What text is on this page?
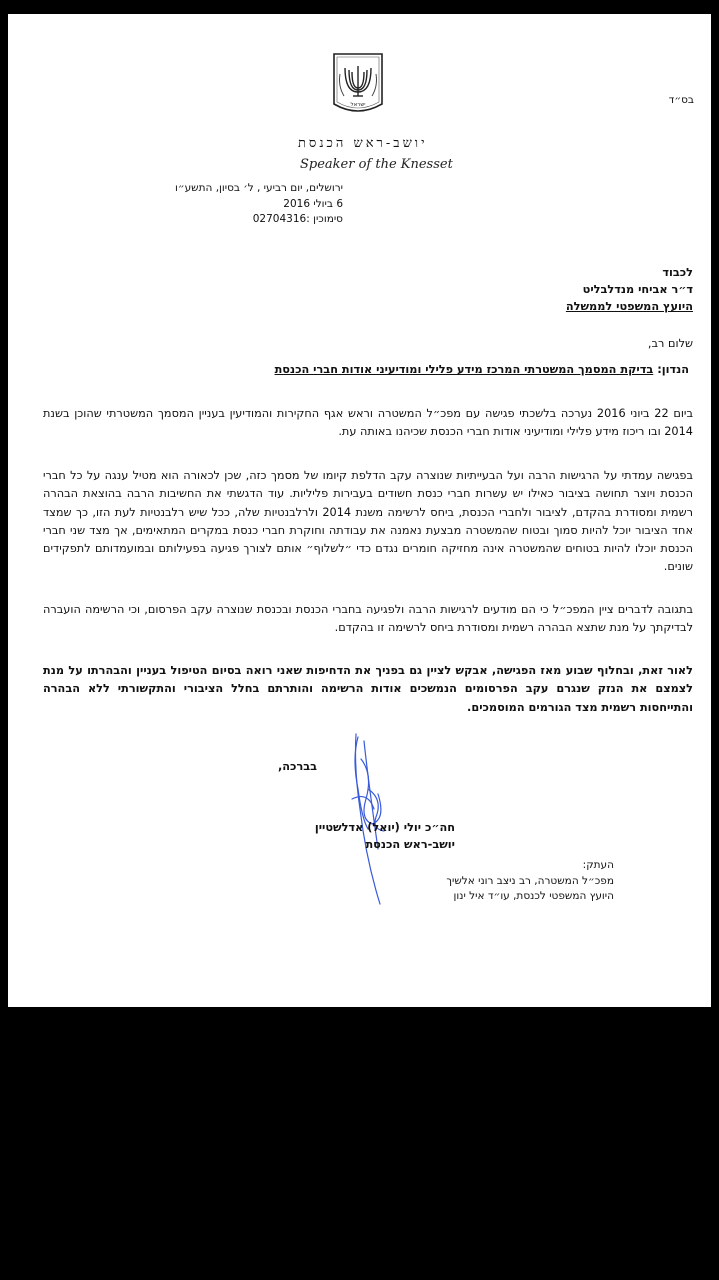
ישראל	בס״ד
יושב-ראש הכנסת
Speaker of the Knesset
ירושלים, יום רביעי , ל׳ בסיון, התשע״ו
6 ביולי 2016
סימוכין :02704316
לכבוד
ד״ר אביחי מנדלבליט
היועץ המשפטי לממשלה
שלום רב,
הנדון: בדיקת המסמך המשטרתי המרכז מידע פלילי ומודיעיני אודות חברי הכנסת

ביום 22 ביוני 2016 נערכה בלשכתי פגישה עם מפכ״ל המשטרה וראש אגף החקירות והמודיעין בעניין המסמך המשטרתי שהוכן בשנת 2014 ובו ריכוז מידע פלילי ומודיעיני אודות חברי הכנסת שכיהנו באותה עת.

בפגישה עמדתי על הרגישות הרבה ועל הבעייתיות שנוצרה עקב הדלפת קיומו של מסמך כזה, שכן לכאורה הוא מטיל ענגה על כל חברי הכנסת ויוצר תחושה בציבור כאילו יש עשרות חברי כנסת חשודים בעבירות פליליות. עוד הדגשתי את החשיבות הרבה בהוצאת הבהרה רשמית ומסודרת בהקדם, לציבור ולחברי הכנסת, ביחס לרשימה משנת 2014 ולרלבנטיות שלה, ככל שיש רלבנטיות לעת הזו, כך שמצד אחד הציבור יוכל להיות סמוך ובטוח שהמשטרה מבצעת נאמנה את עבודתה וחוקרת חברי כנסת במקרים המתאימים, אך מצד שני חברי הכנסת יוכלו להיות בטוחים שהמשטרה אינה מחזיקה חומרים נגדם כדי ״לשלוף״ אותם לצורך פגיעה בפעילותם ובמועמדותם לתפקידים שונים.

בתגובה לדברים ציין המפכ״ל כי הם מודעים לרגישות הרבה ולפגיעה בחברי הכנסת ובכנסת שנוצרה עקב הפרסום, וכי הרשימה הועברה לבדיקתך על מנת שתצא הבהרה רשמית ומסודרת ביחס לרשימה זו בהקדם.

לאור זאת, ובחלוף שבוע מאז הפגישה, אבקש לציין גם בפניך את הדחיפות שאני רואה בסיום הטיפול בעניין והבהרתו על מנת לצמצם את הנזק שנגרם עקב הפרסומים הנמשכים אודות הרשימה והותרתם בחלל הציבורי והתקשורתי ללא הבהרה והתייחסות רשמית מצד הגורמים המוסמכים.

בברכה,
חה״כ יולי (יואל) אדלשטיין
יושב-ראש הכנסת
העתק:
מפכ״ל המשטרה, רב ניצב רוני אלשיך
היועץ המשפטי לכנסת, עו״ד איל ינון
